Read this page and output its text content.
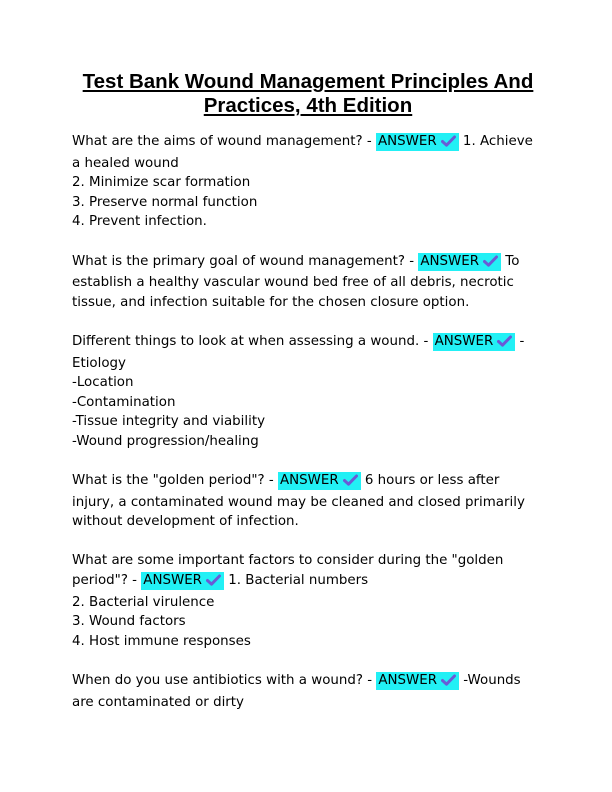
Test Bank Wound Management Principles And
Practices, 4th Edition
What are the aims of wound management? - ANSWER 1. Achieve a healed wound
2. Minimize scar formation
3. Preserve normal function
4. Prevent infection.
What is the primary goal of wound management? - ANSWER To establish a healthy vascular wound bed free of all debris, necrotic tissue, and infection suitable for the chosen closure option.
Different things to look at when assessing a wound. - ANSWER -Etiology
-Location
-Contamination
-Tissue integrity and viability
-Wound progression/healing
What is the "golden period"? - ANSWER 6 hours or less after injury, a contaminated wound may be cleaned and closed primarily without development of infection.
What are some important factors to consider during the "golden period"? - ANSWER 1. Bacterial numbers
2. Bacterial virulence
3. Wound factors
4. Host immune responses
When do you use antibiotics with a wound? - ANSWER -Wounds are contaminated or dirty
